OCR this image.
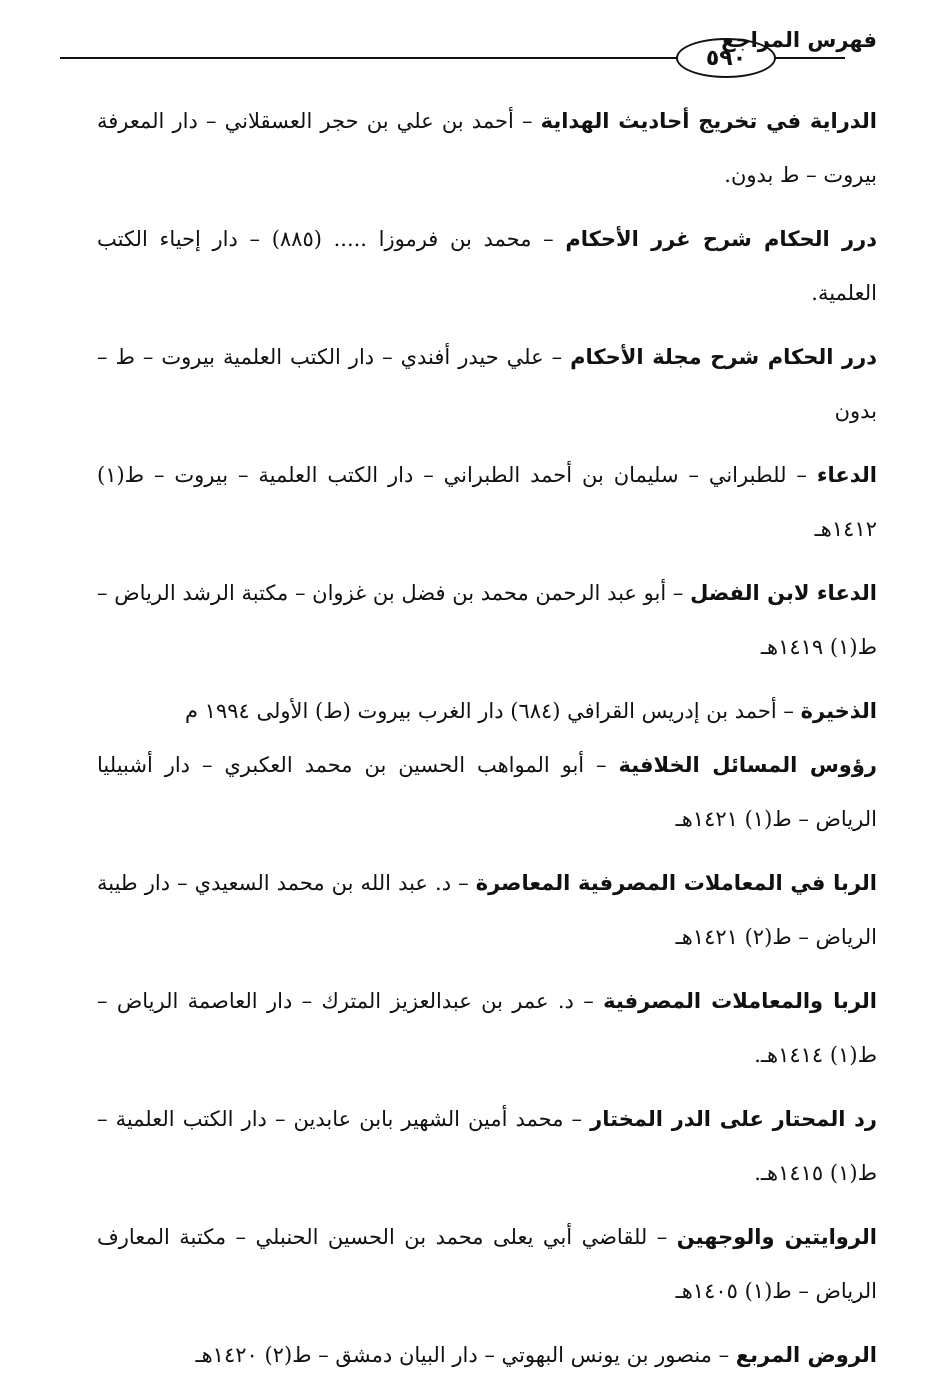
٥٩٠
فهرس المراجع

الدراية في تخريج أحاديث الهداية – أحمد بن علي بن حجر العسقلاني – دار المعرفة بيروت – ط بدون.

درر الحكام شرح غرر الأحكام – محمد بن فرموزا ..... (٨٨٥) – دار إحياء الكتب العلمية.

درر الحكام شرح مجلة الأحكام – علي حيدر أفندي – دار الكتب العلمية بيروت – ط – بدون

الدعاء – للطبراني – سليمان بن أحمد الطبراني – دار الكتب العلمية – بيروت – ط(١) ١٤١٢هـ

الدعاء لابن الفضل – أبو عبد الرحمن محمد بن فضل بن غزوان – مكتبة الرشد الرياض – ط(١) ١٤١٩هـ

الذخيرة – أحمد بن إدريس القرافي (٦٨٤) دار الغرب بيروت (ط) الأولى ١٩٩٤ م

رؤوس المسائل الخلافية – أبو المواهب الحسين بن محمد العكبري – دار أشبيليا الرياض – ط(١) ١٤٢١هـ

الربا في المعاملات المصرفية المعاصرة – د. عبد الله بن محمد السعيدي – دار طيبة الرياض – ط(٢) ١٤٢١هـ

الربا والمعاملات المصرفية – د. عمر بن عبدالعزيز المترك – دار العاصمة الرياض – ط(١) ١٤١٤هـ.

رد المحتار على الدر المختار – محمد أمين الشهير بابن عابدين – دار الكتب العلمية – ط(١) ١٤١٥هـ.

الروايتين والوجهين – للقاضي أبي يعلى محمد بن الحسين الحنبلي – مكتبة المعارف الرياض – ط(١) ١٤٠٥هـ

الروض المربع – منصور بن يونس البهوتي – دار البيان دمشق – ط(٢) ١٤٢٠هـ
